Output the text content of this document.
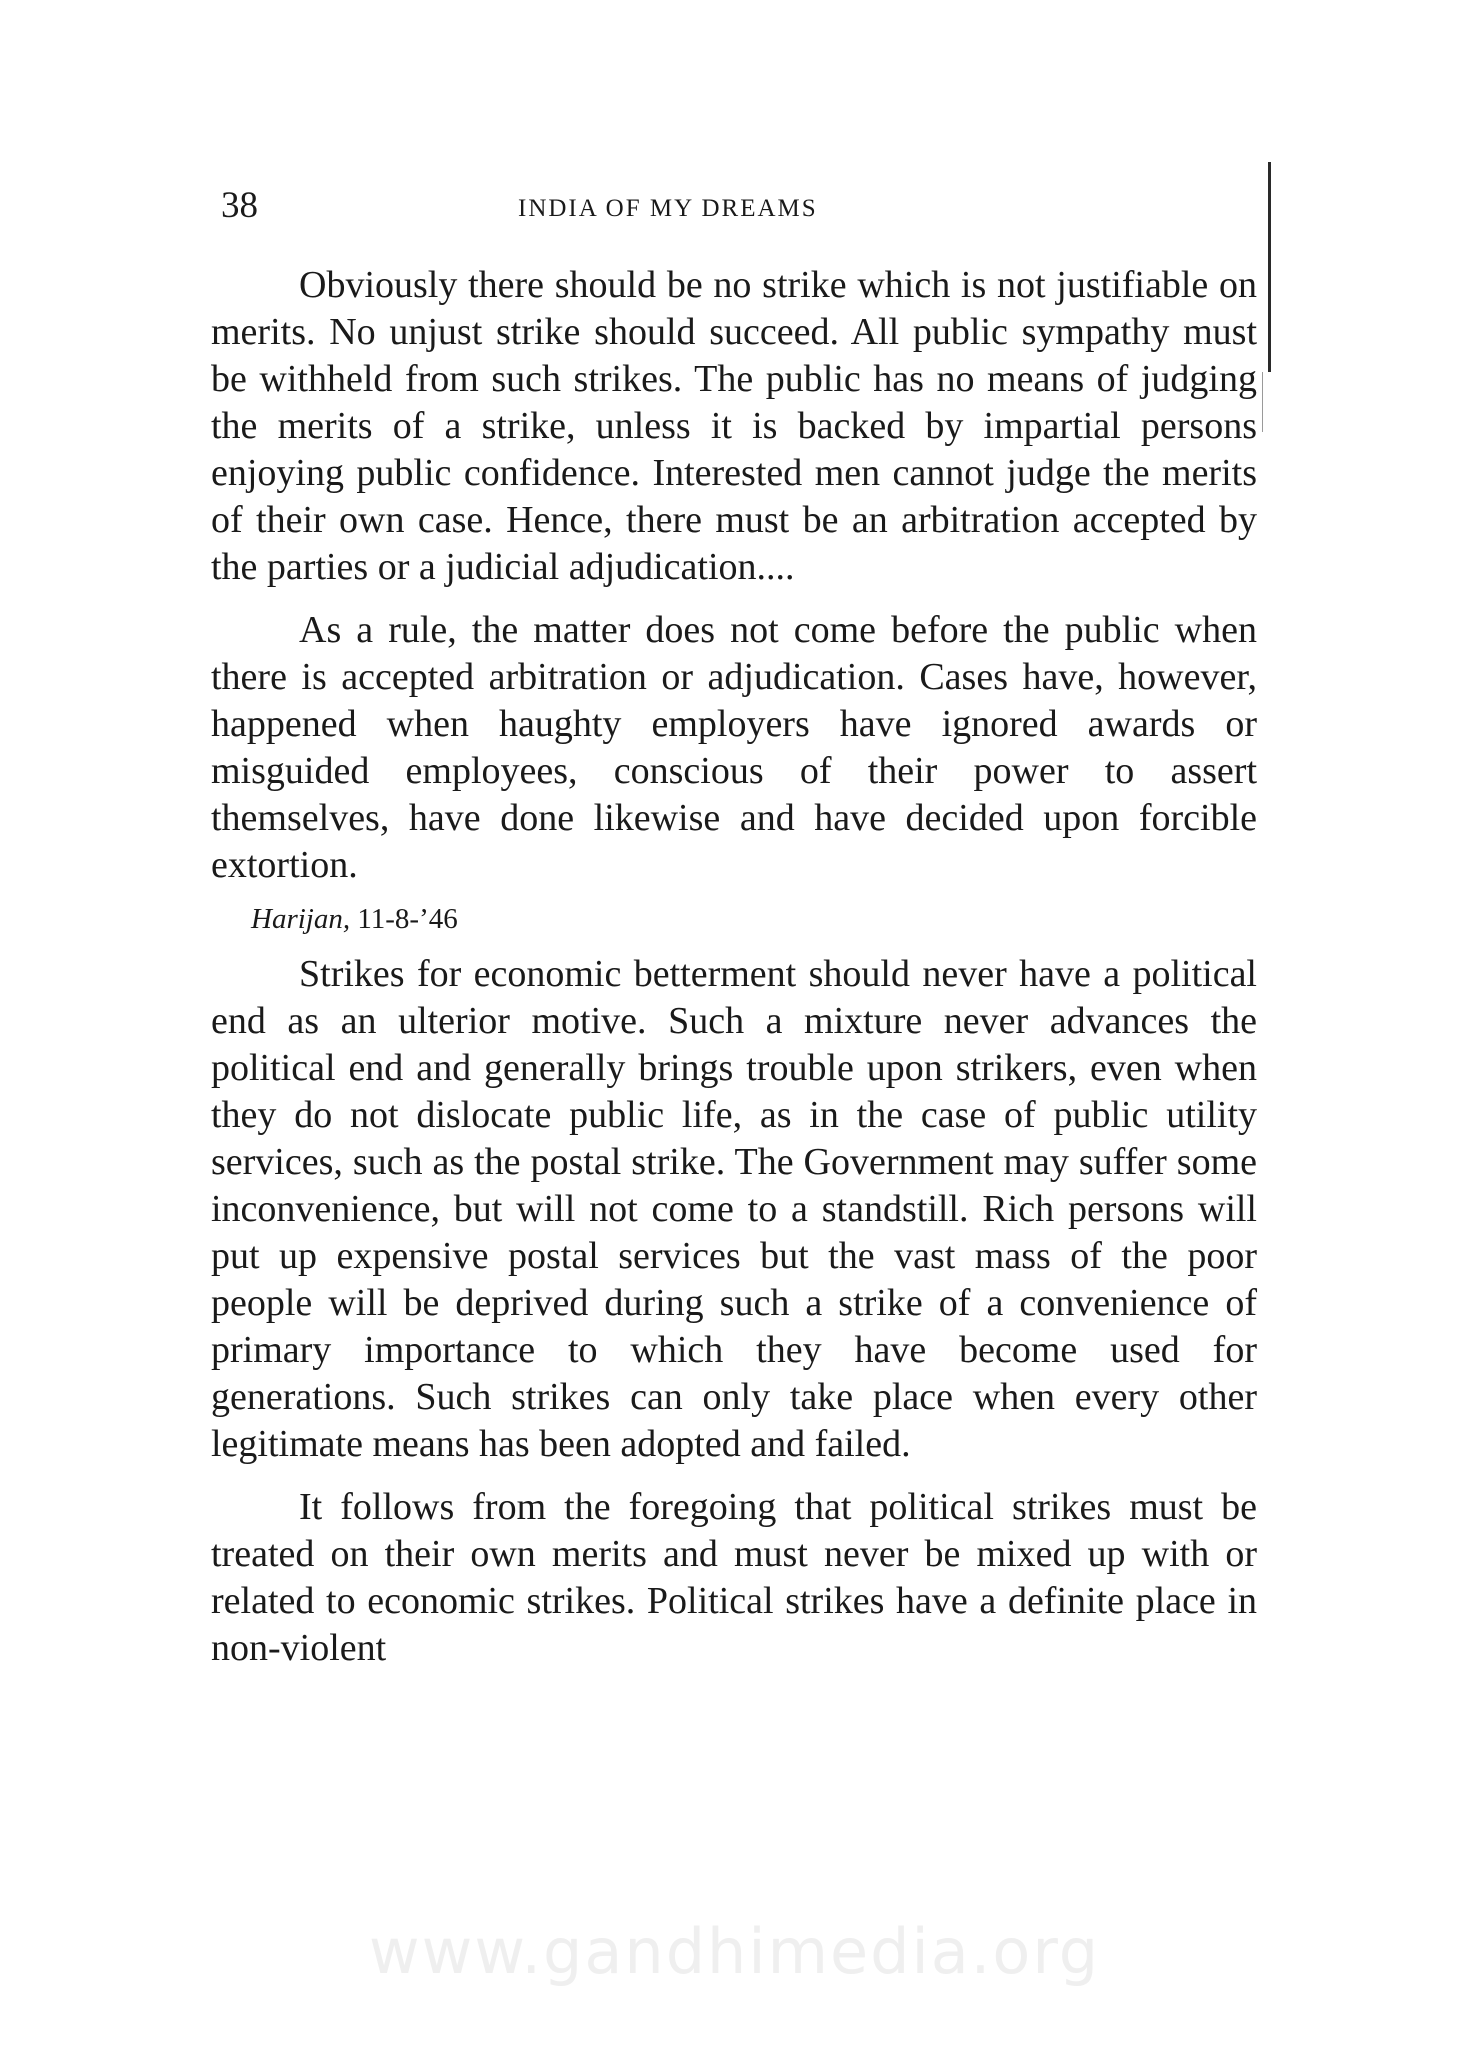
38	INDIA OF MY DREAMS

Obviously there should be no strike which is not justifiable on merits. No unjust strike should succeed. All public sympathy must be withheld from such strikes. The public has no means of judging the merits of a strike, unless it is backed by impartial persons enjoying public confidence. Interested men cannot judge the merits of their own case. Hence, there must be an arbitration accepted by the parties or a judicial adjudication....

As a rule, the matter does not come before the public when there is accepted arbitration or adjudication. Cases have, however, happened when haughty employers have ignored awards or misguided employees, conscious of their power to assert themselves, have done likewise and have decided upon forcible extortion.

Harijan, 11-8-’46

Strikes for economic betterment should never have a political end as an ulterior motive. Such a mixture never advances the political end and generally brings trouble upon strikers, even when they do not dislocate public life, as in the case of public utility services, such as the postal strike. The Government may suffer some inconvenience, but will not come to a standstill. Rich persons will put up expensive postal services but the vast mass of the poor people will be deprived during such a strike of a convenience of primary importance to which they have become used for generations. Such strikes can only take place when every other legitimate means has been adopted and failed.

It follows from the foregoing that political strikes must be treated on their own merits and must never be mixed up with or related to economic strikes. Political strikes have a definite place in non-violent

www.gandhimedia.org
